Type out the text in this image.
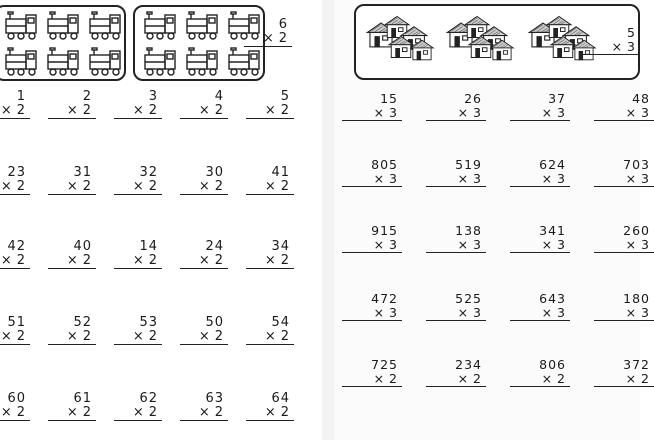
6
× 2
1
× 2
2
× 2
3
× 2
4
× 2
5
× 2
23
× 2
31
× 2
32
× 2
30
× 2
41
× 2
42
× 2
40
× 2
14
× 2
24
× 2
34
× 2
51
× 2
52
× 2
53
× 2
50
× 2
54
× 2
60
× 2
61
× 2
62
× 2
63
× 2
64
× 2
5
× 3
15
× 3
26
× 3
37
× 3
48
× 3
805
× 3
519
× 3
624
× 3
703
× 3
915
× 3
138
× 3
341
× 3
260
× 3
472
× 3
525
× 3
643
× 3
180
× 3
725
× 2
234
× 2
806
× 2
372
× 2
